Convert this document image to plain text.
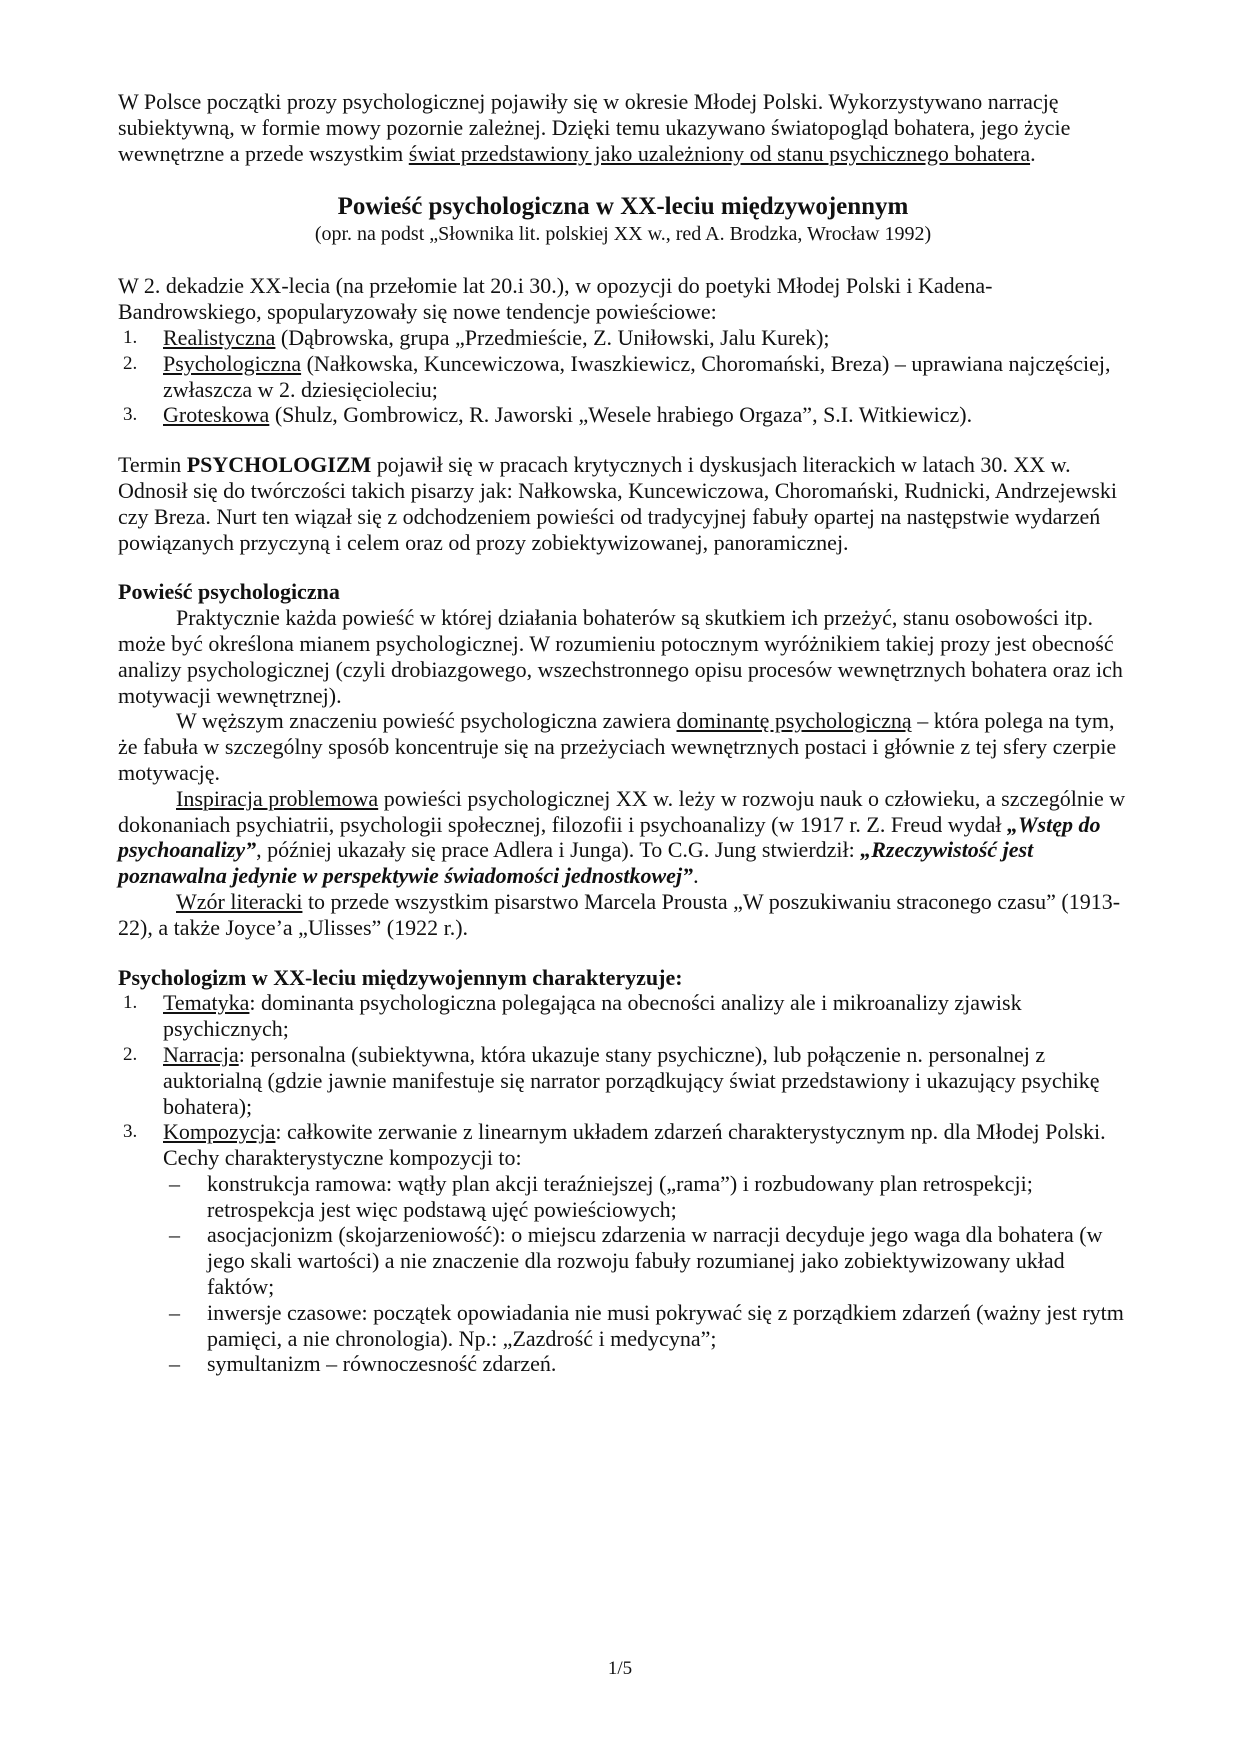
W Polsce początki prozy psychologicznej pojawiły się w okresie Młodej Polski. Wykorzystywano narrację subiektywną, w formie mowy pozornie zależnej. Dzięki temu ukazywano światopogląd bohatera, jego życie wewnętrzne a przede wszystkim świat przedstawiony jako uzależniony od stanu psychicznego bohatera.

Powieść psychologiczna w XX-leciu międzywojennym

(opr. na podst „Słownika lit. polskiej XX w., red A. Brodzka, Wrocław 1992)

W 2. dekadzie XX-lecia (na przełomie lat 20.i 30.), w opozycji do poetyki Młodej Polski i Kadena-Bandrowskiego, spopularyzowały się nowe tendencje powieściowe:

1. Realistyczna (Dąbrowska, grupa „Przedmieście, Z. Uniłowski, Jalu Kurek);
2. Psychologiczna (Nałkowska, Kuncewiczowa, Iwaszkiewicz, Choromański, Breza) – uprawiana najczęściej, zwłaszcza w 2. dziesięcioleciu;
3. Groteskowa (Shulz, Gombrowicz, R. Jaworski „Wesele hrabiego Orgaza”, S.I. Witkiewicz).

Termin PSYCHOLOGIZM pojawił się w pracach krytycznych i dyskusjach literackich w latach 30. XX w. Odnosił się do twórczości takich pisarzy jak: Nałkowska, Kuncewiczowa, Choromański, Rudnicki, Andrzejewski czy Breza. Nurt ten wiązał się z odchodzeniem powieści od tradycyjnej fabuły opartej na następstwie wydarzeń powiązanych przyczyną i celem oraz od prozy zobiektywizowanej, panoramicznej.

Powieść psychologiczna

Praktycznie każda powieść w której działania bohaterów są skutkiem ich przeżyć, stanu osobowości itp. może być określona mianem psychologicznej. W rozumieniu potocznym wyróżnikiem takiej prozy jest obecność analizy psychologicznej (czyli drobiazgowego, wszechstronnego opisu procesów wewnętrznych bohatera oraz ich motywacji wewnętrznej).

W węższym znaczeniu powieść psychologiczna zawiera dominantę psychologiczną – która polega na tym, że fabuła w szczególny sposób koncentruje się na przeżyciach wewnętrznych postaci i głównie z tej sfery czerpie motywację.

Inspiracja problemowa powieści psychologicznej XX w. leży w rozwoju nauk o człowieku, a szczególnie w dokonaniach psychiatrii, psychologii społecznej, filozofii i psychoanalizy (w 1917 r. Z. Freud wydał „Wstęp do psychoanalizy”, później ukazały się prace Adlera i Junga). To C.G. Jung stwierdził: „Rzeczywistość jest poznawalna jedynie w perspektywie świadomości jednostkowej”.

Wzór literacki to przede wszystkim pisarstwo Marcela Prousta „W poszukiwaniu straconego czasu” (1913-22), a także Joyce’a „Ulisses” (1922 r.).

Psychologizm w XX-leciu międzywojennym charakteryzuje:

1. Tematyka: dominanta psychologiczna polegająca na obecności analizy ale i mikroanalizy zjawisk psychicznych;
2. Narracja: personalna (subiektywna, która ukazuje stany psychiczne), lub połączenie n. personalnej z auktorialną (gdzie jawnie manifestuje się narrator porządkujący świat przedstawiony i ukazujący psychikę bohatera);
3. Kompozycja: całkowite zerwanie z linearnym układem zdarzeń charakterystycznym np. dla Młodej Polski. Cechy charakterystyczne kompozycji to:
– konstrukcja ramowa: wątły plan akcji teraźniejszej („rama”) i rozbudowany plan retrospekcji; retrospekcja jest więc podstawą ujęć powieściowych;
– asocjacjonizm (skojarzeniowość): o miejscu zdarzenia w narracji decyduje jego waga dla bohatera (w jego skali wartości) a nie znaczenie dla rozwoju fabuły rozumianej jako zobiektywizowany układ faktów;
– inwersje czasowe: początek opowiadania nie musi pokrywać się z porządkiem zdarzeń (ważny jest rytm pamięci, a nie chronologia). Np.: „Zazdrość i medycyna”;
– symultanizm – równoczesność zdarzeń.
1/5
